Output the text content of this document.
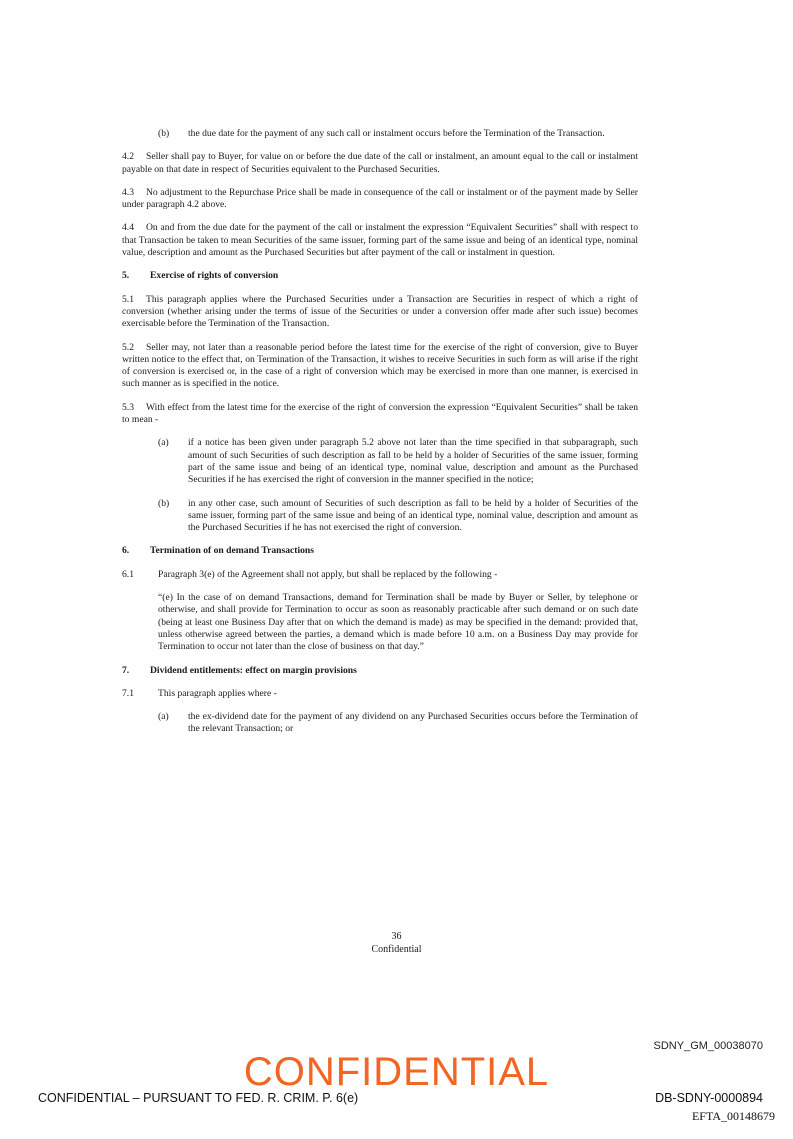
(b) the due date for the payment of any such call or instalment occurs before the Termination of the Transaction.

4.2 Seller shall pay to Buyer, for value on or before the due date of the call or instalment, an amount equal to the call or instalment payable on that date in respect of Securities equivalent to the Purchased Securities.

4.3 No adjustment to the Repurchase Price shall be made in consequence of the call or instalment or of the payment made by Seller under paragraph 4.2 above.

4.4 On and from the due date for the payment of the call or instalment the expression “Equivalent Securities” shall with respect to that Transaction be taken to mean Securities of the same issuer, forming part of the same issue and being of an identical type, nominal value, description and amount as the Purchased Securities but after payment of the call or instalment in question.

5. Exercise of rights of conversion

5.1 This paragraph applies where the Purchased Securities under a Transaction are Securities in respect of which a right of conversion (whether arising under the terms of issue of the Securities or under a conversion offer made after such issue) becomes exercisable before the Termination of the Transaction.

5.2 Seller may, not later than a reasonable period before the latest time for the exercise of the right of conversion, give to Buyer written notice to the effect that, on Termination of the Transaction, it wishes to receive Securities in such form as will arise if the right of conversion is exercised or, in the case of a right of conversion which may be exercised in more than one manner, is exercised in such manner as is specified in the notice.

5.3 With effect from the latest time for the exercise of the right of conversion the expression “Equivalent Securities” shall be taken to mean -

(a) if a notice has been given under paragraph 5.2 above not later than the time specified in that subparagraph, such amount of such Securities of such description as fall to be held by a holder of Securities of the same issuer, forming part of the same issue and being of an identical type, nominal value, description and amount as the Purchased Securities if he has exercised the right of conversion in the manner specified in the notice;
(b) in any other case, such amount of Securities of such description as fall to be held by a holder of Securities of the same issuer, forming part of the same issue and being of an identical type, nominal value, description and amount as the Purchased Securities if he has not exercised the right of conversion.

6. Termination of on demand Transactions

6.1	Paragraph 3(e) of the Agreement shall not apply, but shall be replaced by the following -

“(e) In the case of on demand Transactions, demand for Termination shall be made by Buyer or Seller, by telephone or otherwise, and shall provide for Termination to occur as soon as reasonably practicable after such demand or on such date (being at least one Business Day after that on which the demand is made) as may be specified in the demand: provided that, unless otherwise agreed between the parties, a demand which is made before 10 a.m. on a Business Day may provide for Termination to occur not later than the close of business on that day.”

7. Dividend entitlements: effect on margin provisions

7.1	This paragraph applies where -
(a) the ex-dividend date for the payment of any dividend on any Purchased Securities occurs before the Termination of the relevant Transaction; or
36
Confidential
SDNY_GM_00038070
CONFIDENTIAL
CONFIDENTIAL – PURSUANT TO FED. R. CRIM. P. 6(e)	DB-SDNY-0000894
EFTA_00148679
